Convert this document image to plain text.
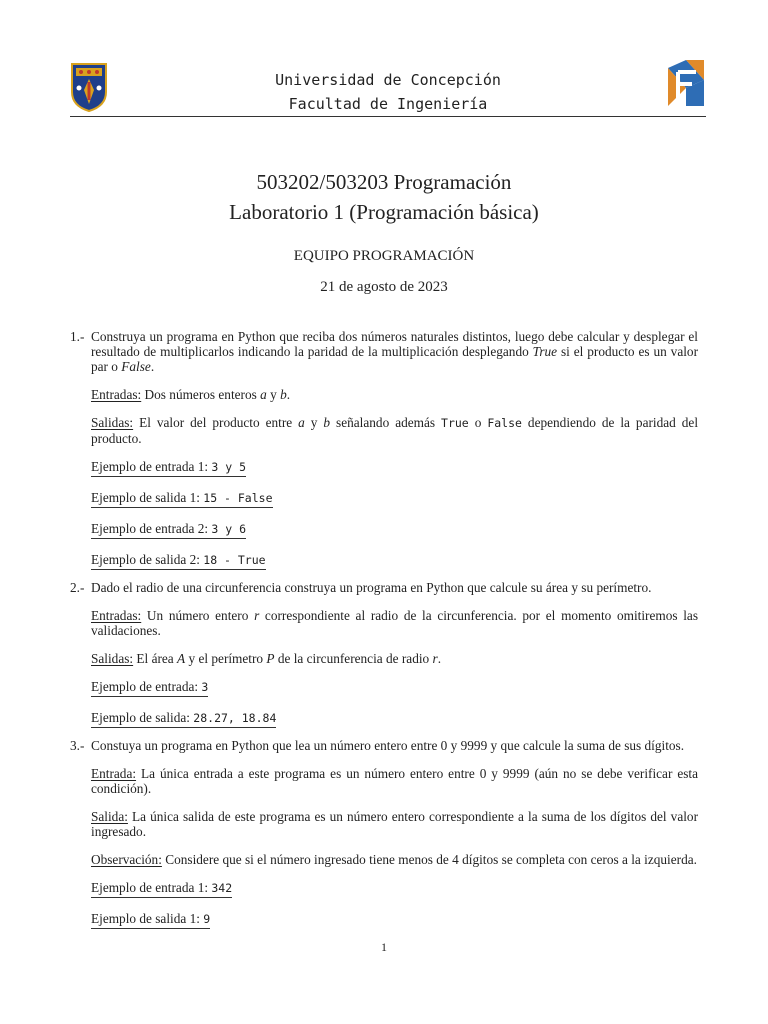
Universidad de Concepción
Facultad de Ingeniería
503202/503203 Programación
Laboratorio 1 (Programación básica)
EQUIPO PROGRAMACIÓN
21 de agosto de 2023
1.- Construya un programa en Python que reciba dos números naturales distintos, luego debe calcular y desplegar el resultado de multiplicarlos indicando la paridad de la multiplicación desplegando True si el producto es un valor par o False.

Entradas: Dos números enteros a y b.

Salidas: El valor del producto entre a y b señalando además True o False dependiendo de la paridad del producto.

Ejemplo de entrada 1: 3 y 5

Ejemplo de salida 1: 15 - False

Ejemplo de entrada 2: 3 y 6

Ejemplo de salida 2: 18 - True

2.- Dado el radio de una circunferencia construya un programa en Python que calcule su área y su perímetro.

Entradas: Un número entero r correspondiente al radio de la circunferencia. por el momento omitiremos las validaciones.

Salidas: El área A y el perímetro P de la circunferencia de radio r.

Ejemplo de entrada: 3

Ejemplo de salida: 28.27, 18.84

3.- Constuya un programa en Python que lea un número entero entre 0 y 9999 y que calcule la suma de sus dígitos.

Entrada: La única entrada a este programa es un número entero entre 0 y 9999 (aún no se debe verificar esta condición).

Salida: La única salida de este programa es un número entero correspondiente a la suma de los dígitos del valor ingresado.

Observación: Considere que si el número ingresado tiene menos de 4 dígitos se completa con ceros a la izquierda.

Ejemplo de entrada 1: 342

Ejemplo de salida 1: 9

1
